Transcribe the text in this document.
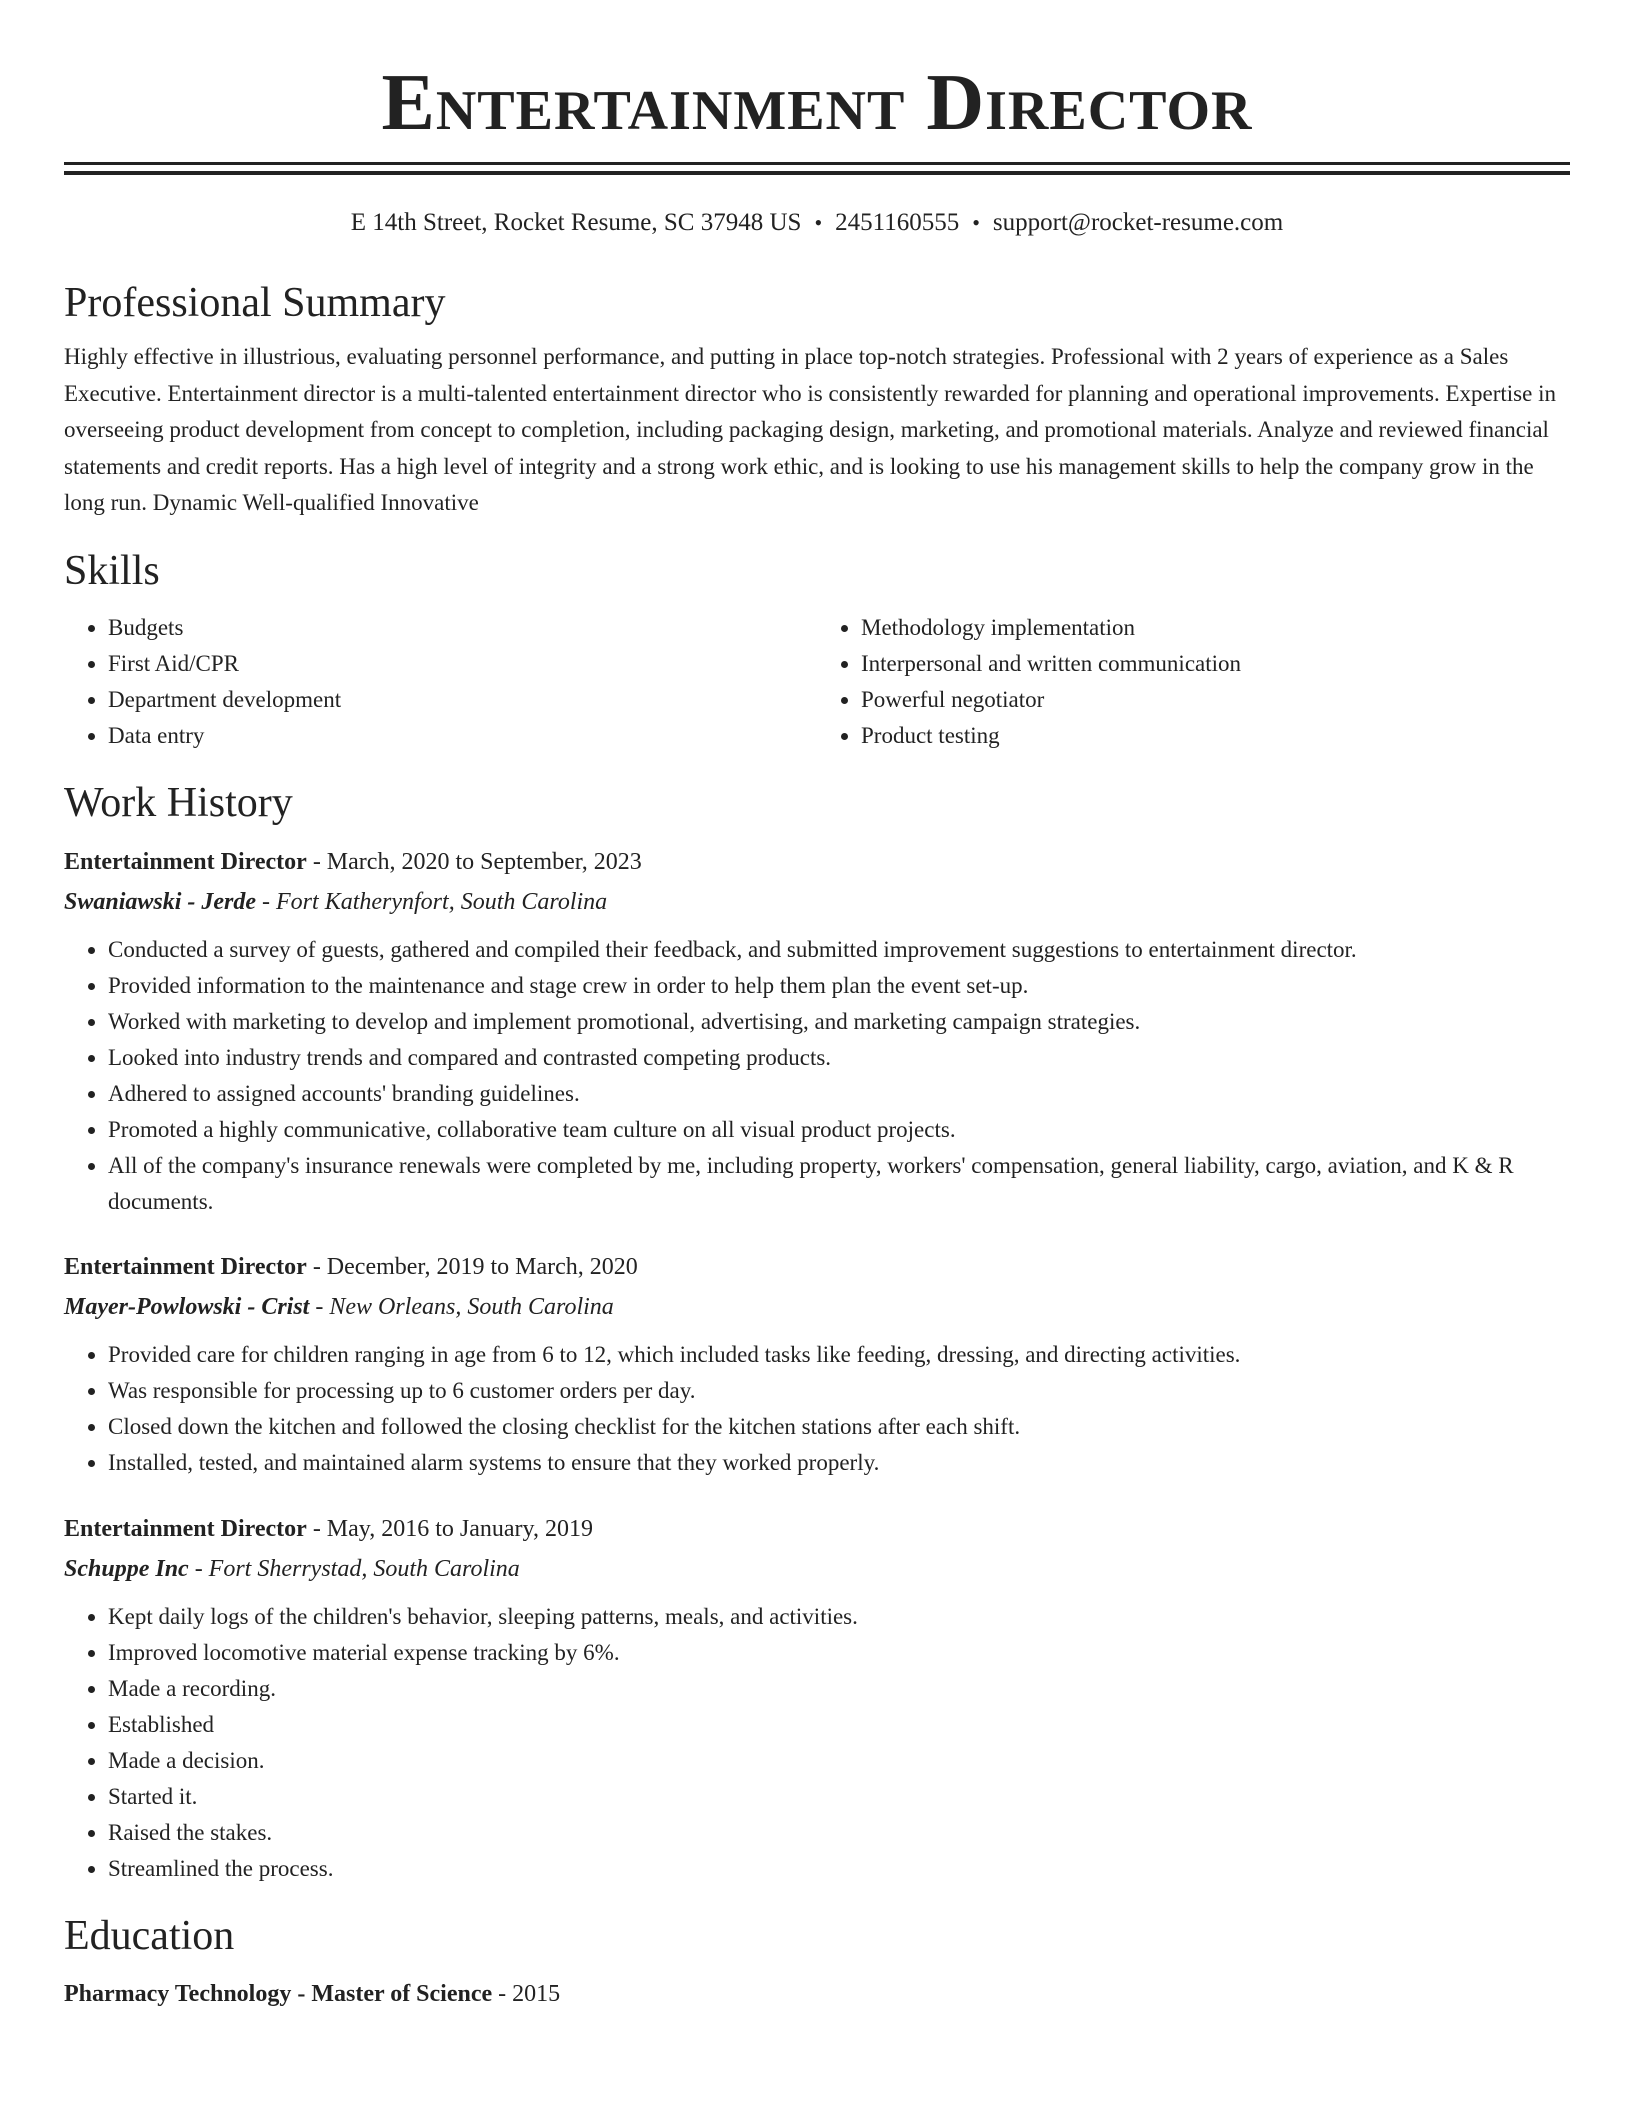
Entertainment Director
E 14th Street, Rocket Resume, SC 37948 US • 2451160555 • support@rocket-resume.com
Professional Summary

Highly effective in illustrious, evaluating personnel performance, and putting in place top-notch strategies. Professional with 2 years of experience as a Sales Executive. Entertainment director is a multi-talented entertainment director who is consistently rewarded for planning and operational improvements. Expertise in overseeing product development from concept to completion, including packaging design, marketing, and promotional materials. Analyze and reviewed financial statements and credit reports. Has a high level of integrity and a strong work ethic, and is looking to use his management skills to help the company grow in the long run. Dynamic Well-qualified Innovative

Skills
• Budgets
• First Aid/CPR
• Department development
• Data entry
• Methodology implementation
• Interpersonal and written communication
• Powerful negotiator
• Product testing
Work History
Entertainment Director - March, 2020 to September, 2023
Swaniawski - Jerde - Fort Katherynfort, South Carolina
• Conducted a survey of guests, gathered and compiled their feedback, and submitted improvement suggestions to entertainment director.
• Provided information to the maintenance and stage crew in order to help them plan the event set-up.
• Worked with marketing to develop and implement promotional, advertising, and marketing campaign strategies.
• Looked into industry trends and compared and contrasted competing products.
• Adhered to assigned accounts' branding guidelines.
• Promoted a highly communicative, collaborative team culture on all visual product projects.
• All of the company's insurance renewals were completed by me, including property, workers' compensation, general liability, cargo, aviation, and K & R documents.
Entertainment Director - December, 2019 to March, 2020
Mayer-Powlowski - Crist - New Orleans, South Carolina
• Provided care for children ranging in age from 6 to 12, which included tasks like feeding, dressing, and directing activities.
• Was responsible for processing up to 6 customer orders per day.
• Closed down the kitchen and followed the closing checklist for the kitchen stations after each shift.
• Installed, tested, and maintained alarm systems to ensure that they worked properly.
Entertainment Director - May, 2016 to January, 2019
Schuppe Inc - Fort Sherrystad, South Carolina
• Kept daily logs of the children's behavior, sleeping patterns, meals, and activities.
• Improved locomotive material expense tracking by 6%.
• Made a recording.
• Established
• Made a decision.
• Started it.
• Raised the stakes.
• Streamlined the process.
Education
Pharmacy Technology - Master of Science - 2015
